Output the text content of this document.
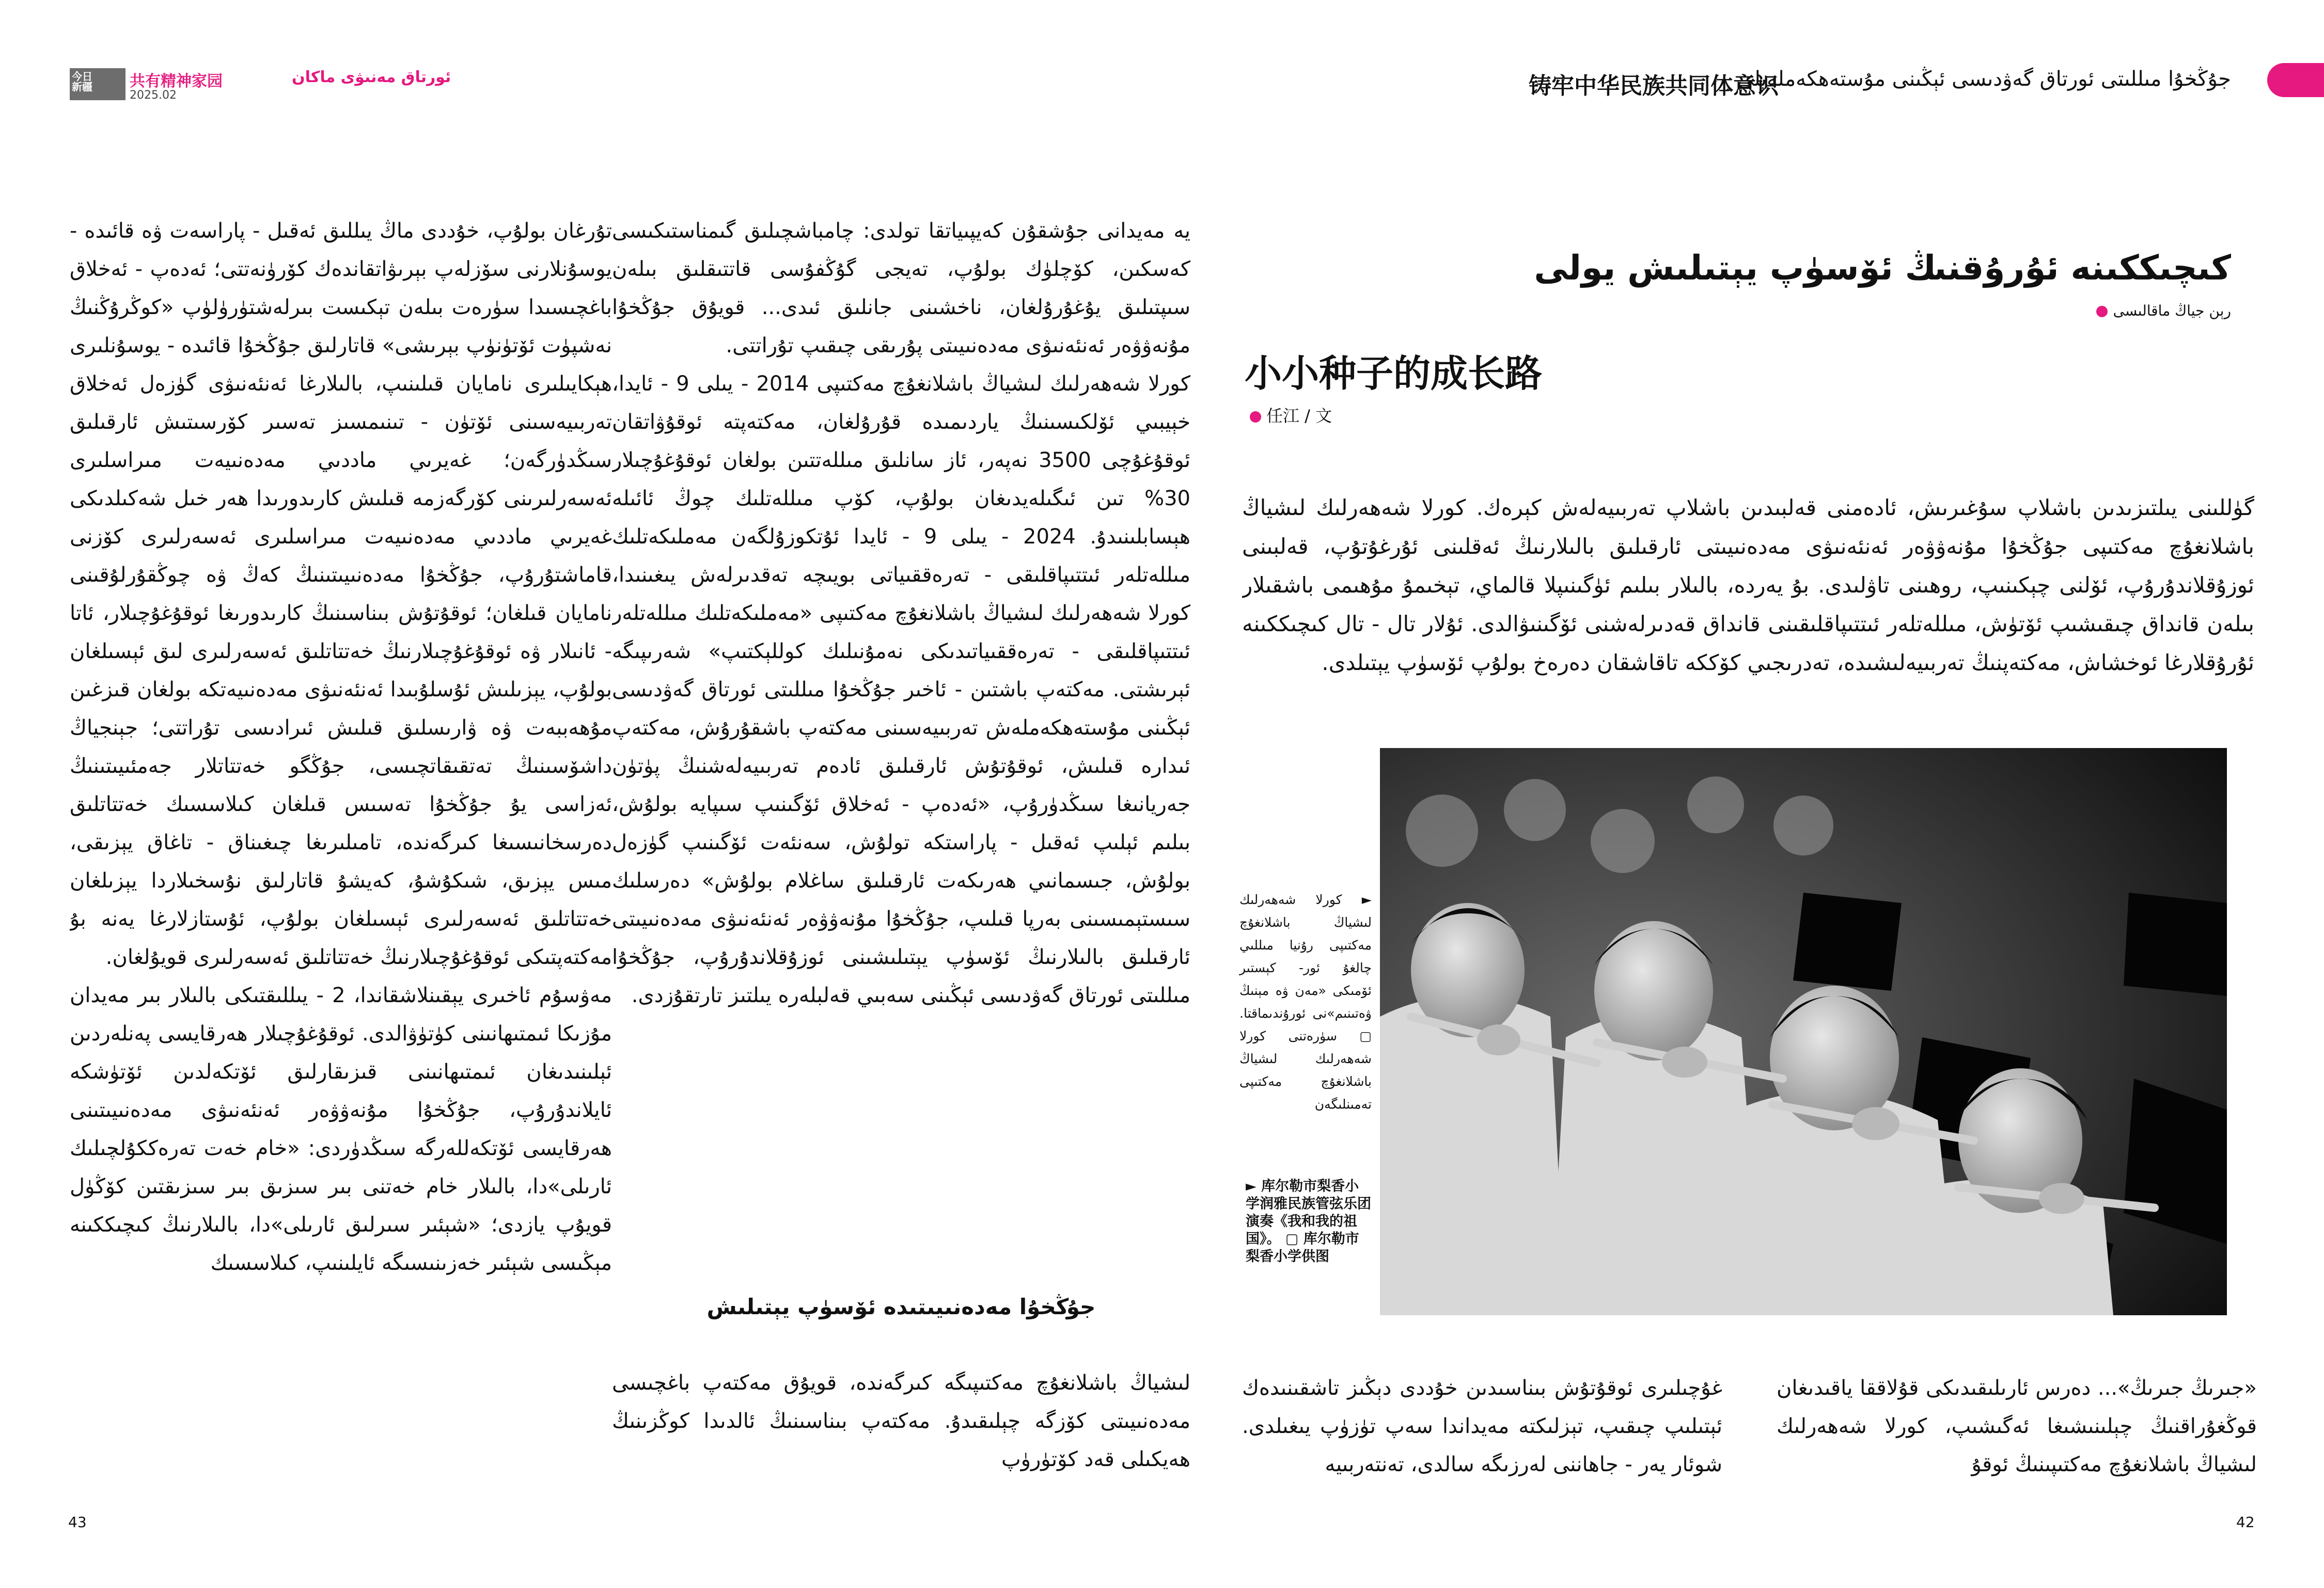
今日
新疆	共有精神家园	ئورتاق مەنىۋى ماكان
2025.02	铸牢中华民族共同体意识
جۇڭخۇا مىللىتى ئورتاق گەۋدىسى ئېڭىنى مۇستەھكەملەيلى
كىچىككىنە ئۇرۇقنىڭ ئۆسۈپ يېتىلىش يولى
رېن جياڭ ماقالىسى
小小种子的成长路
任江 / 文

گۈللىنى يىلتىزىدىن باشلاپ سۇغىرىش، ئادەمنى قەلبىدىن باشلاپ تەربىيەلەش كېرەك. كورلا شەھەرلىك لىشياڭ باشلانغۇچ مەكتىپى جۇڭخۇا مۇنەۋۋەر ئەنئەنىۋى مەدەنىيىتى ئارقىلىق بالىلارنىڭ ئەقلىنى ئۇرغۇتۇپ، قەلبىنى ئوزۇقلاندۇرۇپ، ئۆلنى چېكىنىپ، روھىنى تاۋلىدى. بۇ يەردە، بالىلار بىلىم ئۈگىنىپلا قالماي، تېخىمۇ مۇھىمى باشقىلار بىلەن قانداق چىقىشىپ ئۆتۈش، مىللەتلەر ئىتتىپاقلىقىنى قانداق قەدىرلەشنى ئۆگىنىۋالدى. ئۇلار تال - تال كىچىككىنە ئۇرۇقلارغا ئوخشاش، مەكتەپنىڭ تەربىيەلىشىدە، تەدرىجىي كۆككە تاقاشقان دەرەخ بولۇپ ئۆسۈپ يېتىلدى.

تۇرغان بولۇپ، خۇددى ماڭ يىللىق ئەقىل - پاراسەت ۋە قائىدە - يوسۇنلارنى سۆزلەپ بېرىۋاتقاندەك كۆرۈنەتتى؛ ئەدەپ - ئەخلاق باغچىسىدا سۈرەت بىلەن تېكىست بىرلەشتۈرۈلۈپ «كوڭرۇڭنىڭ نەشپۈت ئۆتۈنۈپ بېرىشى» قاتارلىق جۇڭخۇا قائىدە - يوسۇنلىرى ھېكايىلىرى نامايان قىلىنىپ، بالىلارغا ئەنئەنىۋى گۈزەل ئەخلاق تەربىيەسىنى ئۆتۈن - تىنىمسىز تەسىر كۆرسىتىش ئارقىلىق سىڭدۈرگەن؛ غەيرىي ماددىي مەدەنىيەت مىراسلىرى ئەسەرلىرىنى كۆرگەزمە قىلىش كارىدورىدا ھەر خىل شەكىلدىكى غەيرىي ماددىي مەدەنىيەت مىراسلىرى ئەسەرلىرى كۆزنى قاماشتۇرۇپ، جۇڭخۇا مەدەنىيىتىنىڭ كەڭ ۋە چوڭقۇرلۇقىنى نامايان قىلغان؛ ئوقۇتۇش بىناسىنىڭ كارىدورىغا ئوقۇغۇچىلار، ئاتا - ئانىلار ۋە ئوقۇغۇچىلارنىڭ خەتتاتلىق ئەسەرلىرى لىق ئېسىلغان بولۇپ، يېزىلىش ئۇسلۇبىدا ئەنئەنىۋى مەدەنىيەتكە بولغان قىزغىن مۇھەببەت ۋە ۋارىسلىق قىلىش ئىرادىسى تۇراتتى؛ جېنجياڭ داشۆسىنىڭ تەتقىقاتچىسى، جۇڭگو خەتتاتلار جەمئىيىتىنىڭ ئەزاسى يۇ جۇڭخۇا تەسىس قىلغان كىلاسسىك خەتتاتلىق دەرسخانىسىغا كىرگەندە، تامىلىرىغا چىغىناق - تاغاق يېزىقى، مىس يېزىق، شىكۇشۇ، كەيشۇ قاتارلىق نۇسخىلاردا يېزىلغان خەتتاتلىق ئەسەرلىرى ئېسىلغان بولۇپ، ئۇستازلارغا يەنە بۇ مەكتەپتىكى ئوقۇغۇچىلارنىڭ خەتتاتلىق ئەسەرلىرى قويۇلغان.

مەۋسۇم ئاخىرى يېقىنلاشقاندا، 2 - يىللىقتىكى بالىلار بىر مەيدان مۇزىكا ئىمتىھانىنى كۈتۈۋالدى. ئوقۇغۇچىلار ھەرقايسى پەنلەردىن ئېلىنىدىغان ئىمتىھانىنى قىزىقارلىق ئۆتكەلدىن ئۆتۈشكە ئايلاندۇرۇپ، جۇڭخۇا مۇنەۋۋەر ئەنئەنىۋى مەدەنىيىتىنى ھەرقايسى ئۆتكەللەرگە سىڭدۈردى: «خام خەت تەرەككۇلچىلىك ئارىلى»دا، بالىلار خام خەتنى بىر سىزىق بىر سىزىقتىن كۆڭۈل قويۇپ يازدى؛ «شېئىر سىرلىق ئارىلى»دا، بالىلارنىڭ كىچىككىنە مېڭىسى شېئىر خەزىنىسىگە ئايلىنىپ، كىلاسسىك

يە مەيدانى جۇشقۇن كەيپىياتقا تولدى: چامباشچىلىق گىمناستىكىسى كەسكىن، كۆچلۈك بولۇپ، تەيجى گۇڭفۇسى قاتتىقلىق بىلەن سىپتىلىق يۇغۇرۇلغان، ناخشىنى جانلىق ئىدى... قويۇق جۇڭخۇا مۇنەۋۋەر ئەنئەنىۋى مەدەنىيىتى پۇرىقى چىقىپ تۇراتتى.

كورلا شەھەرلىك لىشياڭ باشلانغۇچ مەكتىپى 2014 - يىلى 9 - ئايدا، خېيبىي ئۆلكىسىنىڭ ياردىمىدە قۇرۇلغان، مەكتەپتە ئوقۇۋاتقان ئوقۇغۇچى 3500 نەپەر، ئاز سانلىق مىللەتتىن بولغان ئوقۇغۇچىلار 30% تىن ئىگىلەيدىغان بولۇپ، كۆپ مىللەتلىك چوڭ ئائىلە ھېسابلىنىدۇ. 2024 - يىلى 9 - ئايدا ئۇتكوزۇلگەن مەملىكەتلىك مىللەتلەر ئىتتىپاقلىقى - تەرەققىياتى بويىچە تەقدىرلەش يىغىنىدا، كورلا شەھەرلىك لىشياڭ باشلانغۇچ مەكتىپى «مەملىكەتلىك مىللەتلەر ئىتتىپاقلىقى - تەرەققىياتىدىكى نەمۇنىلىك كوللېكتىپ» شەرىپىگە ئېرىشتى. مەكتەپ باشتىن - ئاخىر جۇڭخۇا مىللىتى ئورتاق گەۋدىسى ئېڭىنى مۇستەھكەملەش تەربىيەسىنى مەكتەپ باشقۇرۇش، مەكتەپ ئىدارە قىلىش، ئوقۇتۇش ئارقىلىق ئادەم تەربىيەلەشنىڭ پۈتۈن جەريانىغا سىڭدۈرۇپ، «ئەدەپ - ئەخلاق ئۆگىنىپ سىپايە بولۇش، بىلىم ئېلىپ ئەقىل - پاراستكە تولۇش، سەنئەت ئۆگىنىپ گۈزەل بولۇش، جىسمانىي ھەرىكەت ئارقىلىق ساغلام بولۇش» دەرسلىك سىستېمىسىنى بەرپا قىلىپ، جۇڭخۇا مۇنەۋۋەر ئەنئەنىۋى مەدەنىيىتى ئارقىلىق بالىلارنىڭ ئۆسۈپ يېتىلىشىنى ئوزۇقلاندۇرۇپ، جۇڭخۇا مىللىتى ئورتاق گەۋدىسى ئېڭىنى سەبىي قەلبلەرە يىلتىز تارتقۇزدى.

جۇڭخۇا مەدەنىيىتىدە ئۆسۈپ يېتىلىش

لىشياڭ باشلانغۇچ مەكتىپىگە كىرگەندە، قويۇق مەكتەپ باغچىسى مەدەنىيىتى كۆزگە چېلىقىدۇ. مەكتەپ بىناسىنىڭ ئالدىدا كوڭزىنىڭ ھەيكىلى قەد كۆتۈرۈپ

غۇچىلىرى ئوقۇتۇش بىناسىدىن خۇددى دېڭىز تاشقىنىدەك ئېتىلىپ چىقىپ، تېزلىكتە مەيداندا سەپ تۈزۈپ يىغىلدى. شوئار يەر - جاھاننى لەرزىگە سالدى، تەنتەربىيە

«جىرىڭ جىرىڭ»... دەرس ئارىلىقىدىكى قۇلاققا ياقىدىغان قوڭغۇراقنىڭ چېلىنىشىغا ئەگىشىپ، كورلا شەھەرلىك لىشياڭ باشلانغۇچ مەكتىپىنىڭ ئوقۇ

► كورلا شەھەرلىك لىشياڭ باشلانغۇچ مەكتىپى رۇنيا مىللىي چالغۇ ئور- كېستىر ئۆمىكى «مەن ۋە مېنىڭ ۋەتىنىم»نى ئورۇندىماقتا. ▢ سۈرەتنى كورلا شەھەرلىك لىشياڭ باشلانغۇچ مەكتىپى تەمىنلىگەن
► 库尔勒市梨香小学润雅民族管弦乐团演奏《我和我的祖国》。 ▢ 库尔勒市梨香小学供图
43	42
